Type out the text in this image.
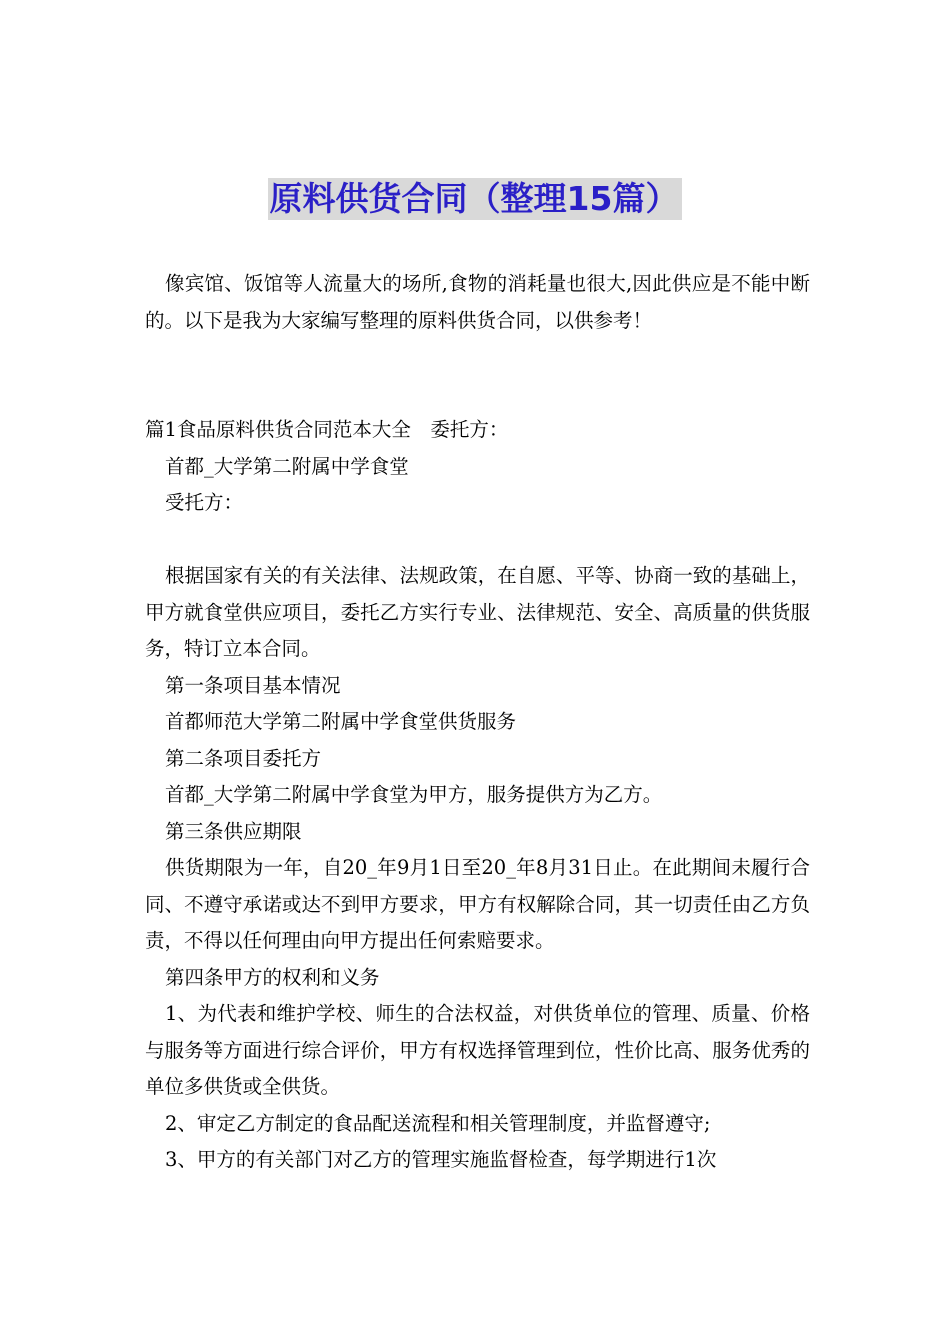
原料供货合同（整理15篇）

像宾馆、饭馆等人流量大的场所,食物的消耗量也很大,因此供应是不能中断的。以下是我为大家编写整理的原料供货合同，以供参考！

篇1食品原料供货合同范本大全　委托方：

首都_大学第二附属中学食堂

受托方：

根据国家有关的有关法律、法规政策，在自愿、平等、协商一致的基础上，甲方就食堂供应项目，委托乙方实行专业、法律规范、安全、高质量的供货服务，特订立本合同。

第一条项目基本情况

首都师范大学第二附属中学食堂供货服务

第二条项目委托方

首都_大学第二附属中学食堂为甲方，服务提供方为乙方。

第三条供应期限

供货期限为一年，自20_年9月1日至20_年8月31日止。在此期间未履行合同、不遵守承诺或达不到甲方要求，甲方有权解除合同，其一切责任由乙方负责，不得以任何理由向甲方提出任何索赔要求。

第四条甲方的权利和义务

1、为代表和维护学校、师生的合法权益，对供货单位的管理、质量、价格与服务等方面进行综合评价，甲方有权选择管理到位，性价比高、服务优秀的单位多供货或全供货。

2、审定乙方制定的食品配送流程和相关管理制度，并监督遵守;

3、甲方的有关部门对乙方的管理实施监督检查，每学期进行1次
